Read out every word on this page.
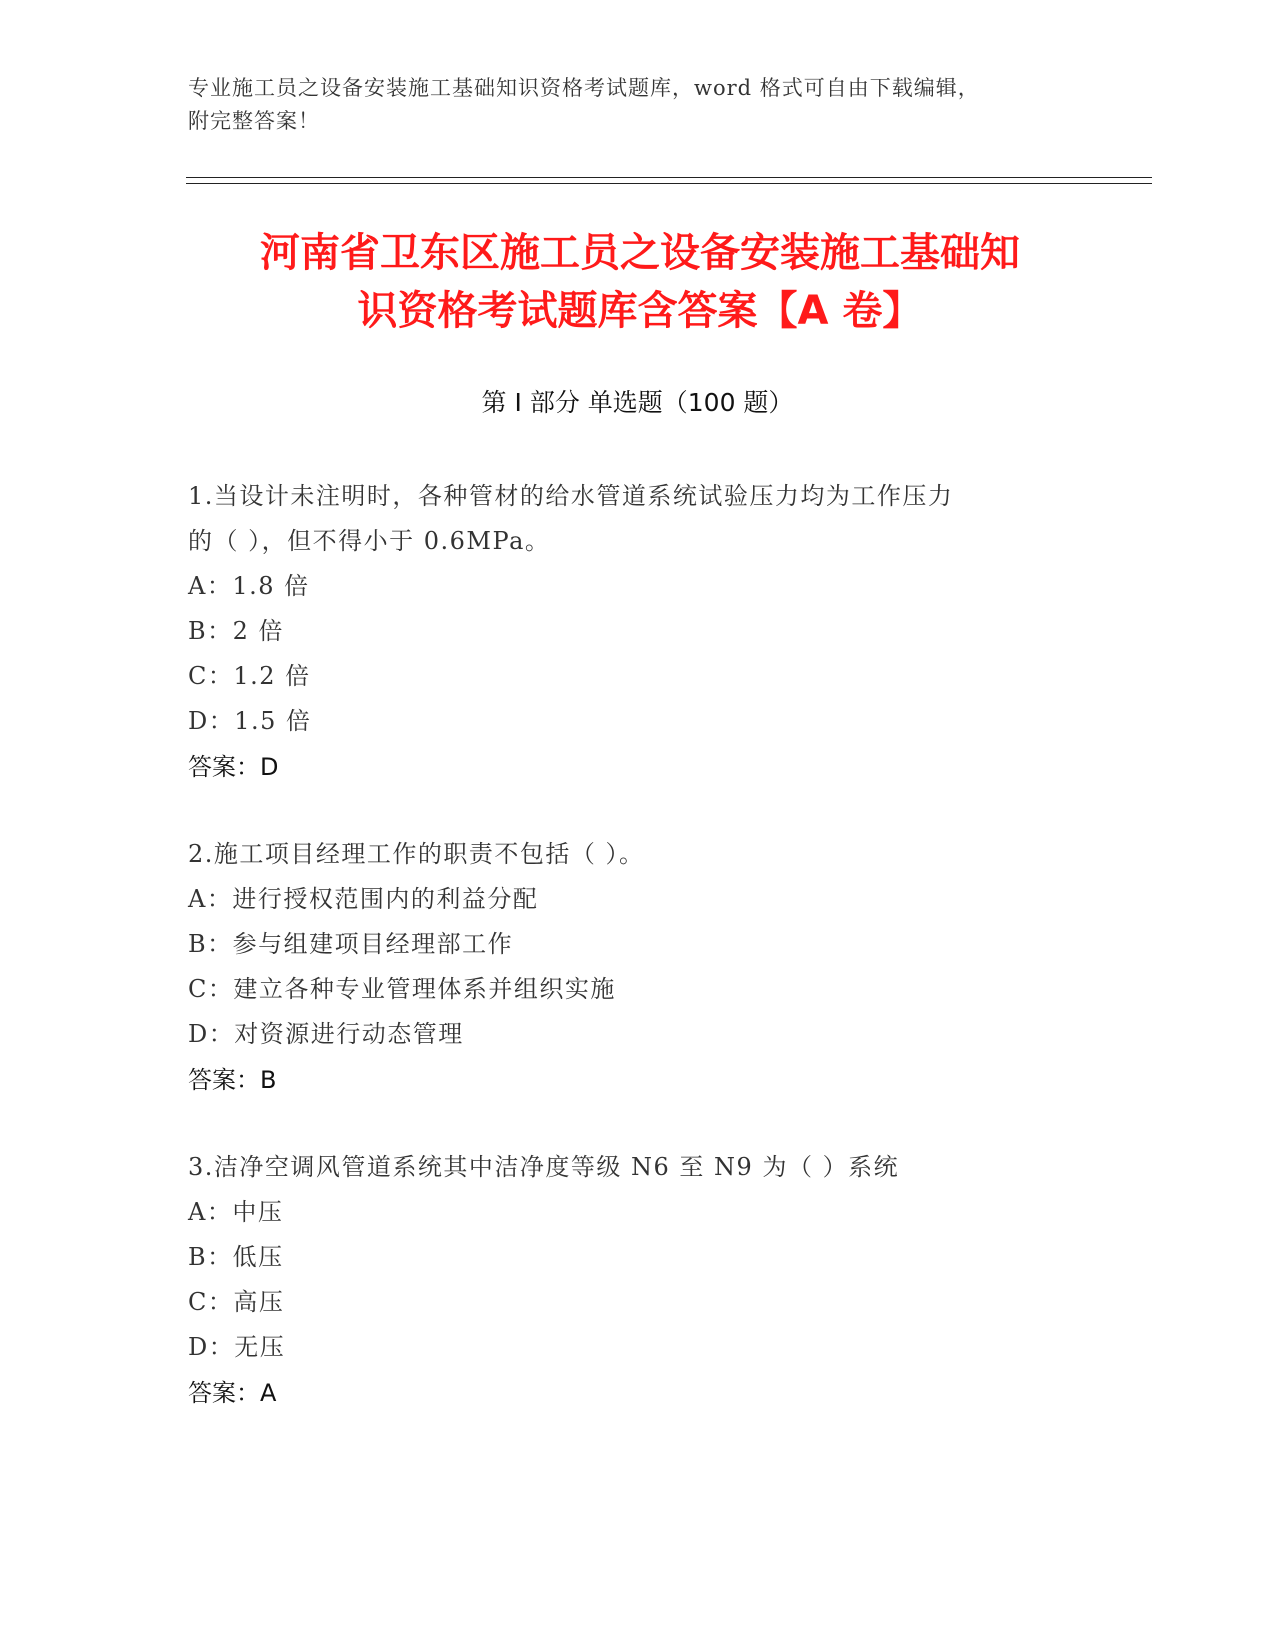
专业施工员之设备安装施工基础知识资格考试题库，word 格式可自由下载编辑，
附完整答案！
河南省卫东区施工员之设备安装施工基础知
识资格考试题库含答案【A 卷】
第 I 部分 单选题（100 题）

1.当设计未注明时，各种管材的给水管道系统试验压力均为工作压力

的（ ），但不得小于 0.6MPa。

A：1.8 倍

B：2 倍

C：1.2 倍

D：1.5 倍

答案：D

2.施工项目经理工作的职责不包括（ ）。

A：进行授权范围内的利益分配

B：参与组建项目经理部工作

C：建立各种专业管理体系并组织实施

D：对资源进行动态管理

答案：B

3.洁净空调风管道系统其中洁净度等级 N6 至 N9 为（ ）系统

A：中压

B：低压

C：高压

D：无压

答案：A
